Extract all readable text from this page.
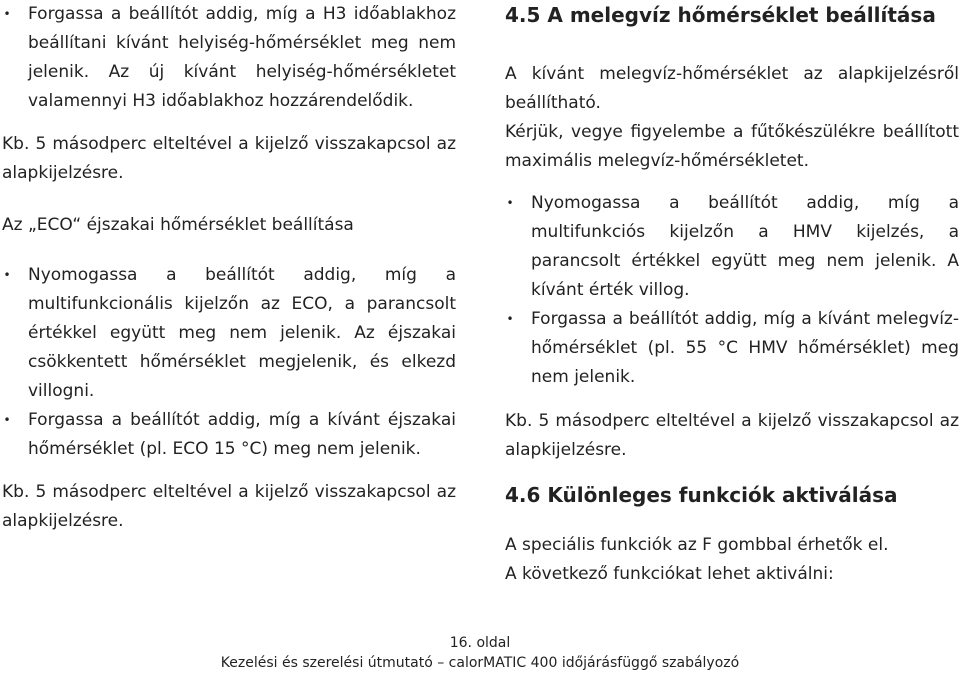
• Forgassa a beállítót addig, míg a H3 időablakhoz beállítani kívánt helyiség-hőmérséklet meg nem jelenik. Az új kívánt helyiség-hőmérsékletet valamennyi H3 időablakhoz hozzárendelődik.

Kb. 5 másodperc elteltével a kijelző visszakapcsol az alapkijelzésre.

Az „ECO“ éjszakai hőmérséklet beállítása

• Nyomogassa a beállítót addig, míg a multifunkcionális kijelzőn az ECO, a parancsolt értékkel együtt meg nem jelenik. Az éjszakai csökkentett hőmérséklet megjelenik, és elkezd villogni.
• Forgassa a beállítót addig, míg a kívánt éjszakai hőmérséklet (pl. ECO 15 °C) meg nem jelenik.

Kb. 5 másodperc elteltével a kijelző visszakapcsol az alapkijelzésre.

4.5 A melegvíz hőmérséklet beállítása

A kívánt melegvíz-hőmérséklet az alapkijelzésről beállítható.

Kérjük, vegye figyelembe a fűtőkészülékre beállított maximális melegvíz-hőmérsékletet.

• Nyomogassa a beállítót addig, míg a multifunkciós kijelzőn a HMV kijelzés, a parancsolt értékkel együtt meg nem jelenik. A kívánt érték villog.
• Forgassa a beállítót addig, míg a kívánt melegvíz-hőmérséklet (pl. 55 °C HMV hőmérséklet) meg nem jelenik.

Kb. 5 másodperc elteltével a kijelző visszakapcsol az alapkijelzésre.

4.6 Különleges funkciók aktiválása

A speciális funkciók az F gombbal érhetők el.

A következő funkciókat lehet aktiválni:

16. oldal
Kezelési és szerelési útmutató – calorMATIC 400 időjárásfüggő szabályozó
